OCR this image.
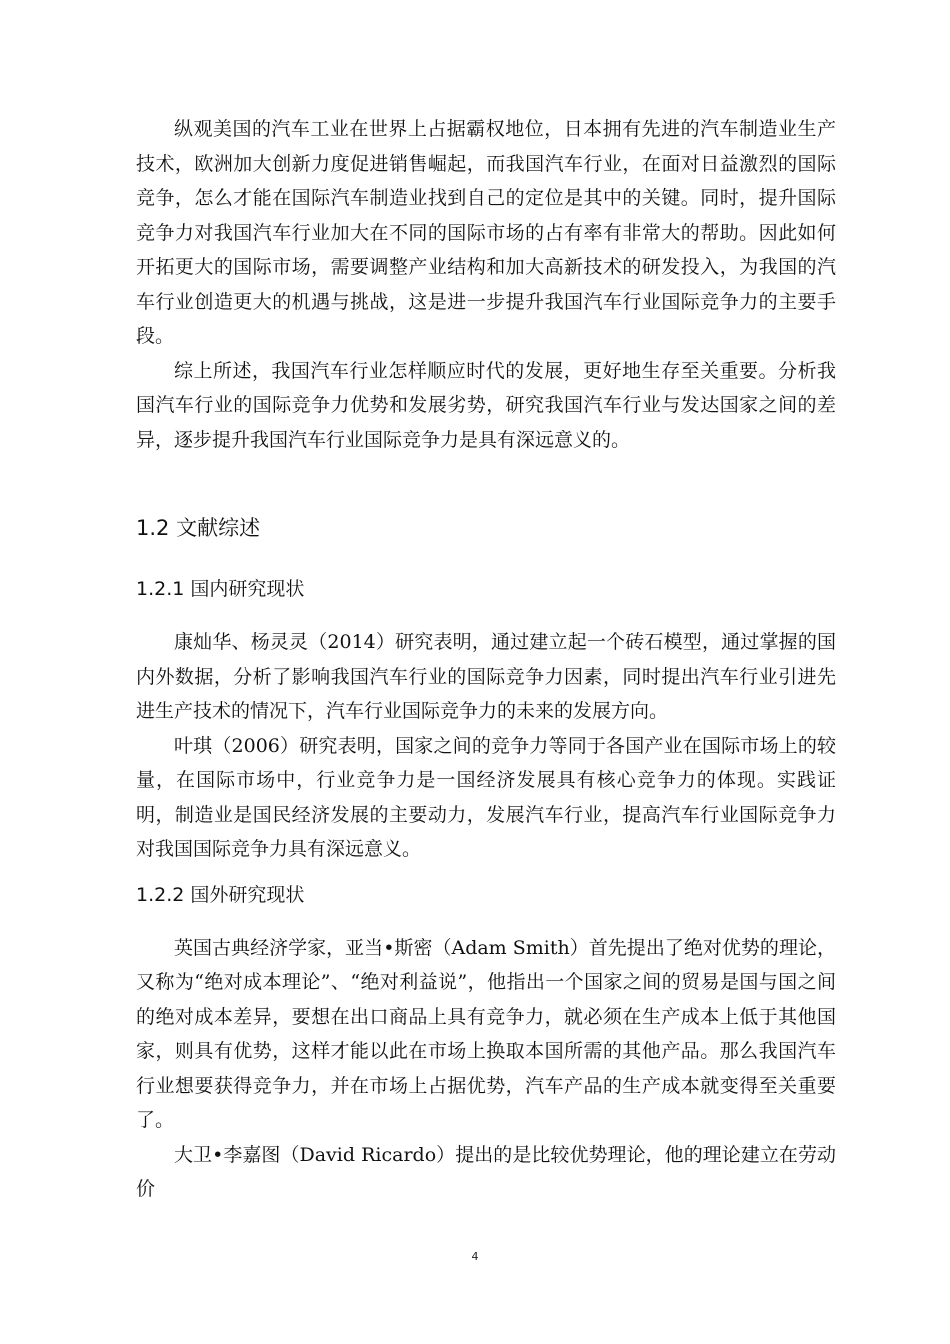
纵观美国的汽车工业在世界上占据霸权地位，日本拥有先进的汽车制造业生产技术，欧洲加大创新力度促进销售崛起，而我国汽车行业，在面对日益激烈的国际竞争，怎么才能在国际汽车制造业找到自己的定位是其中的关键。同时，提升国际竞争力对我国汽车行业加大在不同的国际市场的占有率有非常大的帮助。因此如何开拓更大的国际市场，需要调整产业结构和加大高新技术的研发投入，为我国的汽车行业创造更大的机遇与挑战，这是进一步提升我国汽车行业国际竞争力的主要手段。

综上所述，我国汽车行业怎样顺应时代的发展，更好地生存至关重要。分析我国汽车行业的国际竞争力优势和发展劣势，研究我国汽车行业与发达国家之间的差异，逐步提升我国汽车行业国际竞争力是具有深远意义的。

1.2 文献综述
1.2.1 国内研究现状

康灿华、杨灵灵（2014）研究表明，通过建立起一个砖石模型，通过掌握的国内外数据，分析了影响我国汽车行业的国际竞争力因素，同时提出汽车行业引进先进生产技术的情况下，汽车行业国际竞争力的未来的发展方向。

叶琪（2006）研究表明，国家之间的竞争力等同于各国产业在国际市场上的较量，在国际市场中，行业竞争力是一国经济发展具有核心竞争力的体现。实践证明，制造业是国民经济发展的主要动力，发展汽车行业，提高汽车行业国际竞争力对我国国际竞争力具有深远意义。

1.2.2 国外研究现状

英国古典经济学家，亚当•斯密（Adam Smith）首先提出了绝对优势的理论，又称为“绝对成本理论”、“绝对利益说”，他指出一个国家之间的贸易是国与国之间的绝对成本差异，要想在出口商品上具有竞争力，就必须在生产成本上低于其他国家，则具有优势，这样才能以此在市场上换取本国所需的其他产品。那么我国汽车行业想要获得竞争力，并在市场上占据优势，汽车产品的生产成本就变得至关重要了。

大卫•李嘉图（David Ricardo）提出的是比较优势理论，他的理论建立在劳动价

4
